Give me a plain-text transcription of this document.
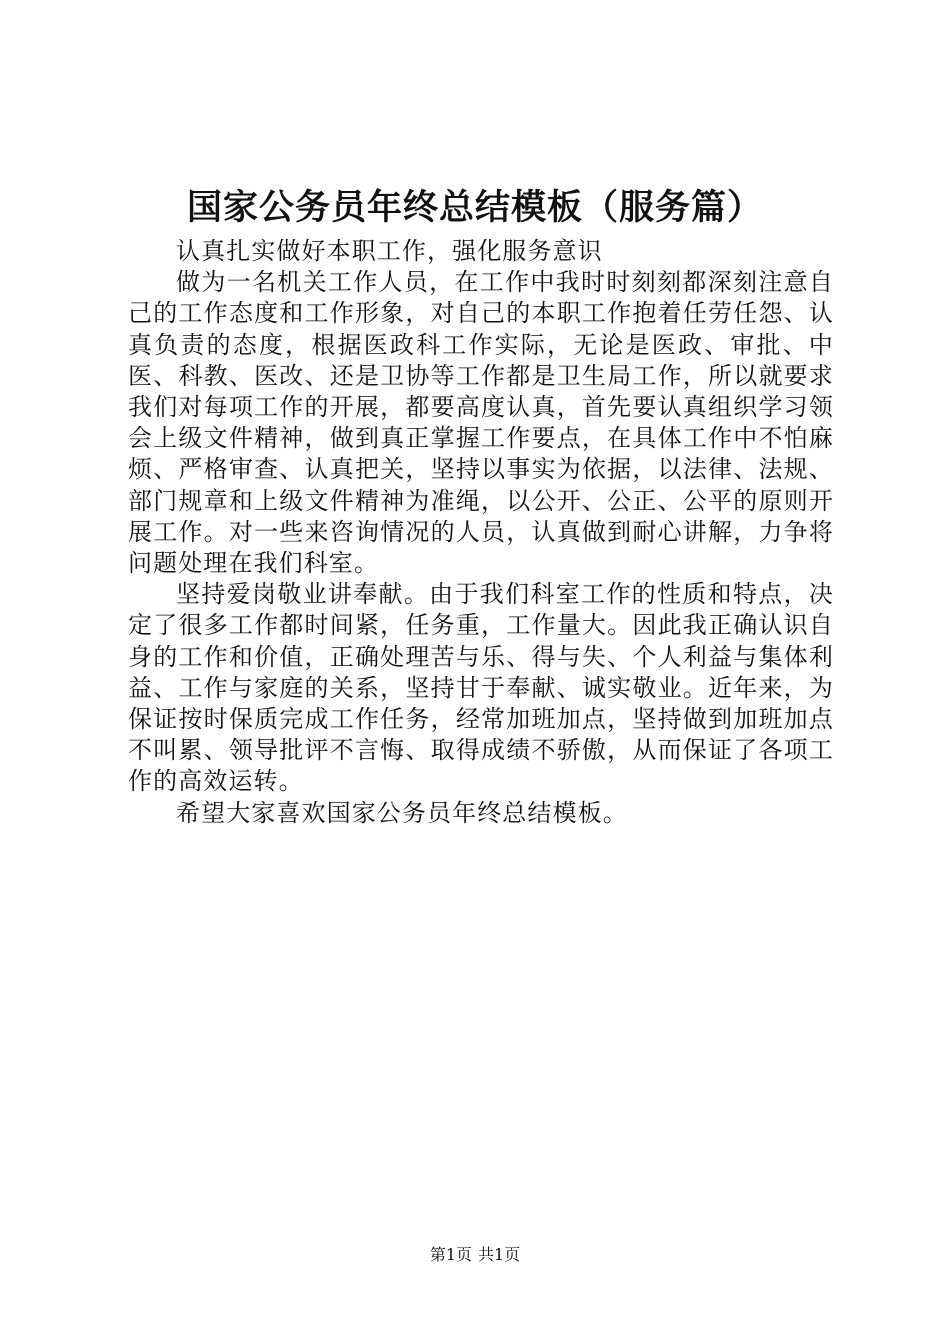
国家公务员年终总结模板（服务篇）

认真扎实做好本职工作，强化服务意识

做为一名机关工作人员，在工作中我时时刻刻都深刻注意自己的工作态度和工作形象，对自己的本职工作抱着任劳任怨、认真负责的态度，根据医政科工作实际，无论是医政、审批、中医、科教、医改、还是卫协等工作都是卫生局工作，所以就要求我们对每项工作的开展，都要高度认真，首先要认真组织学习领会上级文件精神，做到真正掌握工作要点，在具体工作中不怕麻烦、严格审查、认真把关，坚持以事实为依据，以法律、法规、部门规章和上级文件精神为准绳，以公开、公正、公平的原则开展工作。对一些来咨询情况的人员，认真做到耐心讲解，力争将问题处理在我们科室。

坚持爱岗敬业讲奉献。由于我们科室工作的性质和特点，决定了很多工作都时间紧，任务重，工作量大。因此我正确认识自身的工作和价值，正确处理苦与乐、得与失、个人利益与集体利益、工作与家庭的关系，坚持甘于奉献、诚实敬业。近年来，为保证按时保质完成工作任务，经常加班加点，坚持做到加班加点不叫累、领导批评不言悔、取得成绩不骄傲，从而保证了各项工作的高效运转。

希望大家喜欢国家公务员年终总结模板。

第1页 共1页
